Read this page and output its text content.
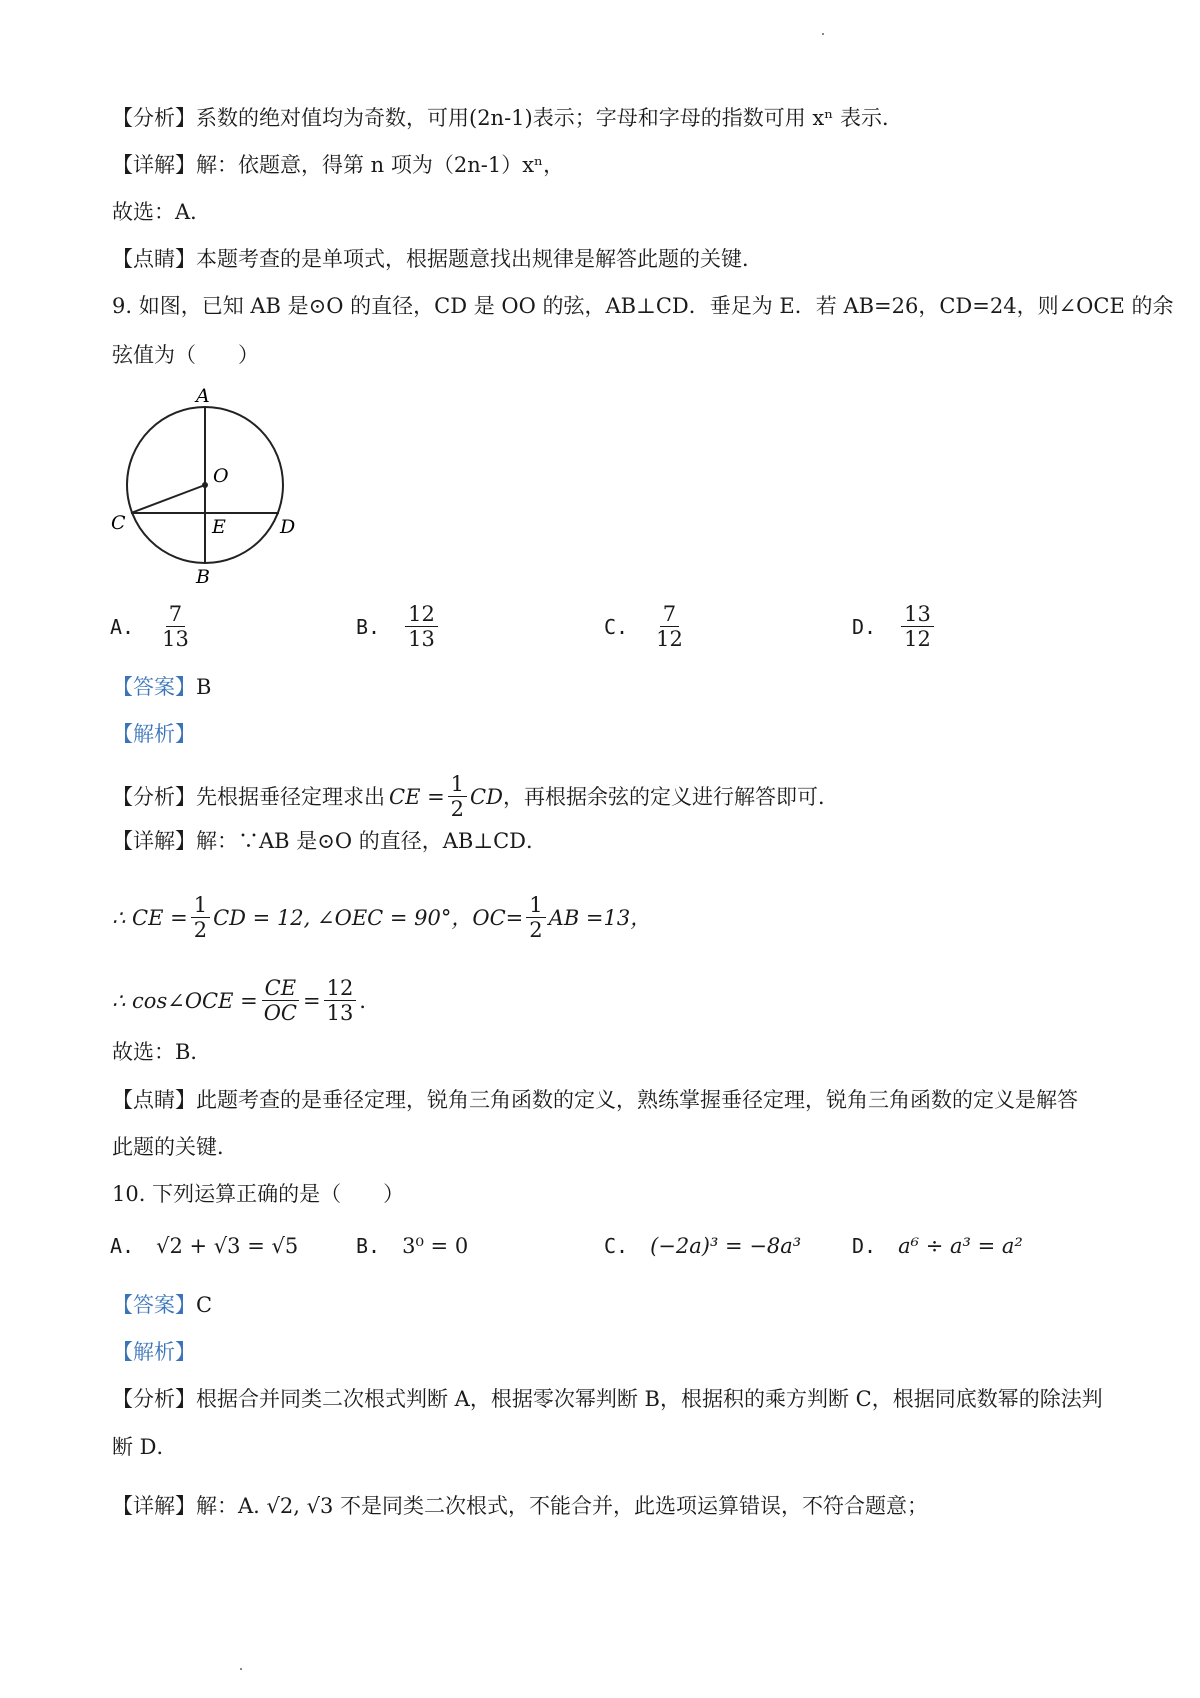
【分析】系数的绝对值均为奇数，可用(2n-1)表示；字母和字母的指数可用 xⁿ 表示．
【详解】解：依题意，得第 n 项为（2n-1）xⁿ，
故选：A．
【点睛】本题考查的是单项式，根据题意找出规律是解答此题的关键．
9. 如图，已知 AB 是⊙O 的直径，CD 是 OO 的弦，AB⊥CD．垂足为 E．若 AB=26，CD=24，则∠OCE 的余
弦值为（　　）
A
O
C	E	D
B
A. $\frac{7}{13}$	B. $\frac{12}{13}$	C. $\frac{7}{12}$	D. $\frac{13}{12}$
【答案】B
【解析】
【分析】先根据垂径定理求出 CE = $\frac{1}{2}$ CD ，再根据余弦的定义进行解答即可．
【详解】解：∵AB 是⊙O 的直径，AB⊥CD．
∴ CE = $\frac{1}{2}$ CD = 12, ∠OEC = 90°，$OC= \frac{1}{2}$ AB =13，
∴ cos∠OCE = $\frac{CE}{OC} = \frac{12}{13}$ ．
故选：B．
【点睛】此题考查的是垂径定理，锐角三角函数的定义，熟练掌握垂径定理，锐角三角函数的定义是解答
此题的关键．
10. 下列运算正确的是（　　）
A. √2 + √3 = √5	B. 3⁰ = 0	C. (−2a)³ = −8a³	D. a⁶ ÷ a³ = a²
【答案】C
【解析】
【分析】根据合并同类二次根式判断 A，根据零次幂判断 B，根据积的乘方判断 C，根据同底数幂的除法判
断 D．
【详解】解：A. √2, √3 不是同类二次根式，不能合并，此选项运算错误，不符合题意；
